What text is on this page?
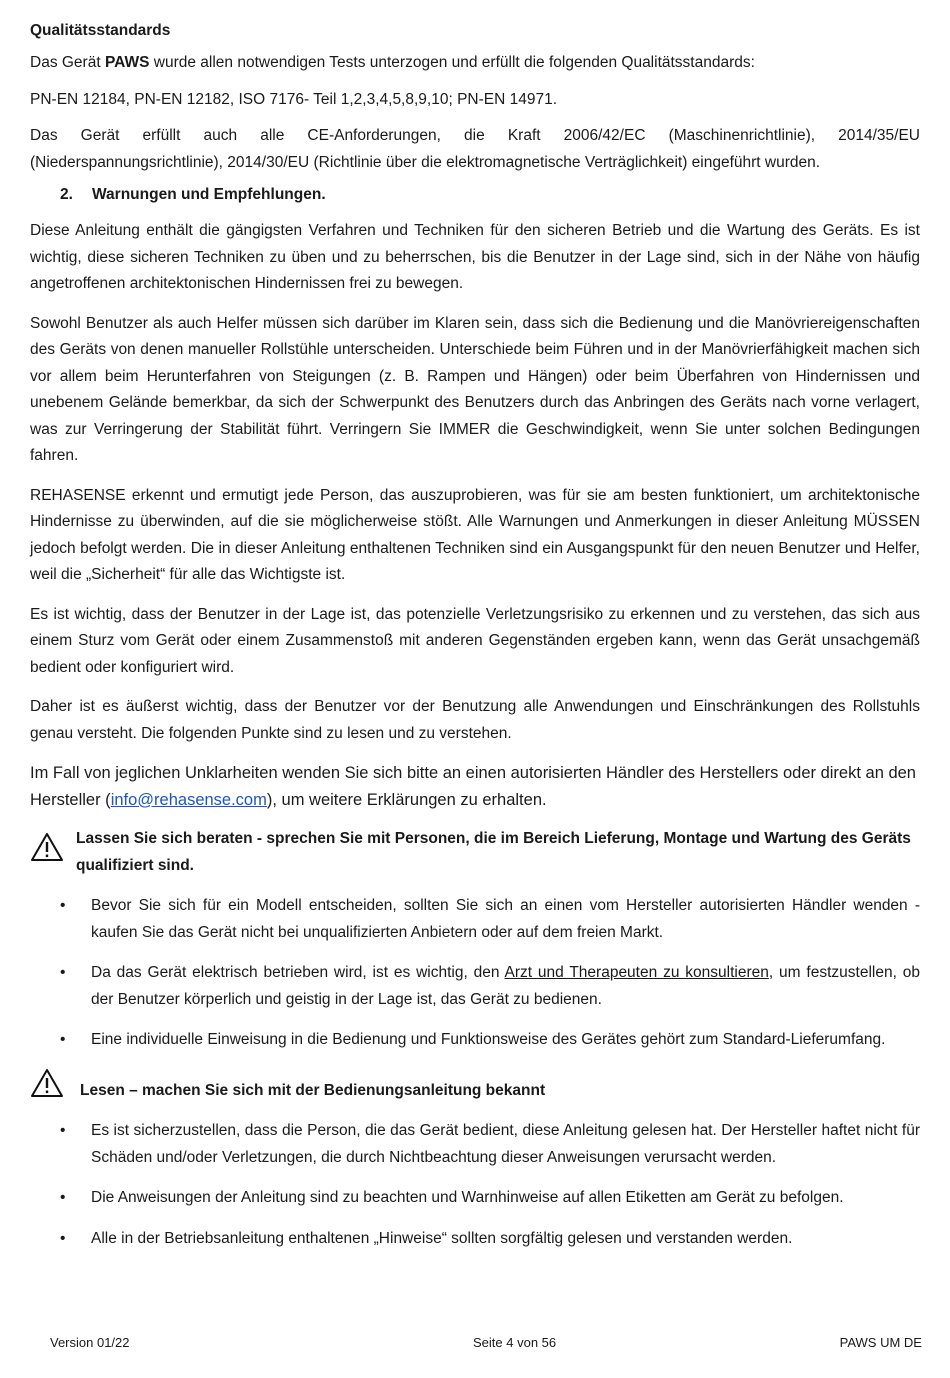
Qualitätsstandards

Das Gerät PAWS wurde allen notwendigen Tests unterzogen und erfüllt die folgenden Qualitätsstandards:

PN-EN 12184, PN-EN 12182, ISO 7176- Teil 1,2,3,4,5,8,9,10; PN-EN 14971.

Das Gerät erfüllt auch alle CE-Anforderungen, die Kraft 2006/42/EC (Maschinenrichtlinie), 2014/35/EU (Niederspannungsrichtlinie), 2014/30/EU (Richtlinie über die elektromagnetische Verträglichkeit) eingeführt wurden.

2.	Warnungen und Empfehlungen.

Diese Anleitung enthält die gängigsten Verfahren und Techniken für den sicheren Betrieb und die Wartung des Geräts. Es ist wichtig, diese sicheren Techniken zu üben und zu beherrschen, bis die Benutzer in der Lage sind, sich in der Nähe von häufig angetroffenen architektonischen Hindernissen frei zu bewegen.

Sowohl Benutzer als auch Helfer müssen sich darüber im Klaren sein, dass sich die Bedienung und die Manövriereigenschaften des Geräts von denen manueller Rollstühle unterscheiden. Unterschiede beim Führen und in der Manövrierfähigkeit machen sich vor allem beim Herunterfahren von Steigungen (z. B. Rampen und Hängen) oder beim Überfahren von Hindernissen und unebenem Gelände bemerkbar, da sich der Schwerpunkt des Benutzers durch das Anbringen des Geräts nach vorne verlagert, was zur Verringerung der Stabilität führt. Verringern Sie IMMER die Geschwindigkeit, wenn Sie unter solchen Bedingungen fahren.

REHASENSE erkennt und ermutigt jede Person, das auszuprobieren, was für sie am besten funktioniert, um architektonische Hindernisse zu überwinden, auf die sie möglicherweise stößt. Alle Warnungen und Anmerkungen in dieser Anleitung MÜSSEN jedoch befolgt werden. Die in dieser Anleitung enthaltenen Techniken sind ein Ausgangspunkt für den neuen Benutzer und Helfer, weil die „Sicherheit“ für alle das Wichtigste ist.

Es ist wichtig, dass der Benutzer in der Lage ist, das potenzielle Verletzungsrisiko zu erkennen und zu verstehen, das sich aus einem Sturz vom Gerät oder einem Zusammenstoß mit anderen Gegenständen ergeben kann, wenn das Gerät unsachgemäß bedient oder konfiguriert wird.

Daher ist es äußerst wichtig, dass der Benutzer vor der Benutzung alle Anwendungen und Einschränkungen des Rollstuhls genau versteht. Die folgenden Punkte sind zu lesen und zu verstehen.

Im Fall von jeglichen Unklarheiten wenden Sie sich bitte an einen autorisierten Händler des Herstellers oder direkt an den Hersteller (info@rehasense.com), um weitere Erklärungen zu erhalten.

Lassen Sie sich beraten - sprechen Sie mit Personen, die im Bereich Lieferung, Montage und Wartung des Geräts qualifiziert sind.
•
Bevor Sie sich für ein Modell entscheiden, sollten Sie sich an einen vom Hersteller autorisierten Händler wenden - kaufen Sie das Gerät nicht bei unqualifizierten Anbietern oder auf dem freien Markt.
•
Da das Gerät elektrisch betrieben wird, ist es wichtig, den Arzt und Therapeuten zu konsultieren, um festzustellen, ob der Benutzer körperlich und geistig in der Lage ist, das Gerät zu bedienen.
•
Eine individuelle Einweisung in die Bedienung und Funktionsweise des Gerätes gehört zum Standard-Lieferumfang.
Lesen – machen Sie sich mit der Bedienungsanleitung bekannt
•
Es ist sicherzustellen, dass die Person, die das Gerät bedient, diese Anleitung gelesen hat. Der Hersteller haftet nicht für Schäden und/oder Verletzungen, die durch Nichtbeachtung dieser Anweisungen verursacht werden.
•
Die Anweisungen der Anleitung sind zu beachten und Warnhinweise auf allen Etiketten am Gerät zu befolgen.
•
Alle in der Betriebsanleitung enthaltenen „Hinweise“ sollten sorgfältig gelesen und verstanden werden.
Version 01/22	Seite 4 von 56	PAWS UM DE
